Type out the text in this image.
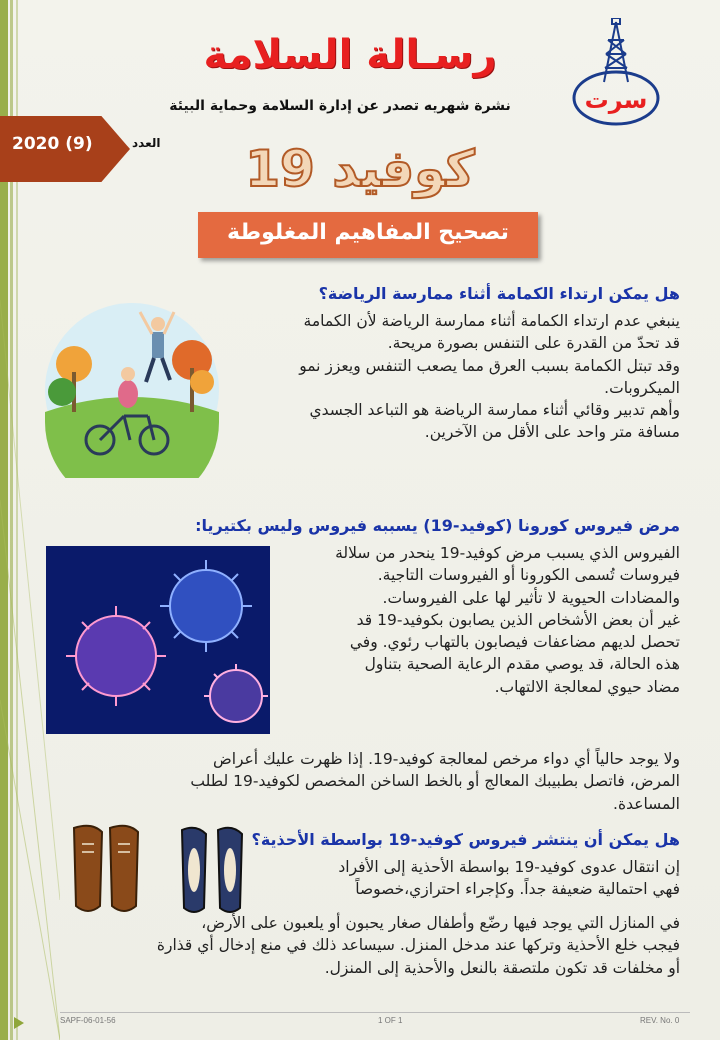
سرت
رسـالة السلامة
نشرة شهريه تصدر عن إدارة السلامة وحماية البيئة
2020 (9)	العدد كوفيد 19
تصحيح المفاهيم المغلوطة
هل يمكن ارتداء الكمامة أثناء ممارسة الرياضة؟
ينبغي عدم ارتداء الكمامة أثناء ممارسة الرياضة لأن الكمامة
قد تحدّ من القدرة على التنفس بصورة مريحة.
وقد تبتل الكمامة بسبب العرق مما يصعب التنفس ويعزز نمو
الميكروبات.
وأهم تدبير وقائي أثناء ممارسة الرياضة هو التباعد الجسدي
مسافة متر واحد على الأقل من الآخرين.
مرض فيروس كورونا (كوفيد-19) يسببه فيروس وليس بكتيريا:
الفيروس الذي يسبب مرض كوفيد-19 ينحدر من سلالة
فيروسات تُسمى الكورونا أو الفيروسات التاجية.
والمضادات الحيوية لا تأثير لها على الفيروسات.
غير أن بعض الأشخاص الذين يصابون بكوفيد-19 قد
تحصل لديهم مضاعفات فيصابون بالتهاب رئوي. وفي
هذه الحالة، قد يوصي مقدم الرعاية الصحية بتناول
مضاد حيوي لمعالجة الالتهاب.
ولا يوجد حالياً أي دواء مرخص لمعالجة كوفيد-19. إذا ظهرت عليك أعراض
المرض، فاتصل بطبيبك المعالج أو بالخط الساخن المخصص لكوفيد-19 لطلب
المساعدة.
هل يمكن أن ينتشر فيروس كوفيد-19 بواسطة الأحذية؟
إن انتقال عدوى كوفيد-19 بواسطة الأحذية إلى الأفراد
فهي احتمالية ضعيفة جداً. وكإجراء احترازي،خصوصاً
في المنازل التي يوجد فيها رضّع وأطفال صغار يحبون أو يلعبون على الأرض،
فيجب خلع الأحذية وتركها عند مدخل المنزل. سيساعد ذلك في منع إدخال أي قذارة
أو مخلفات قد تكون ملتصقة بالنعل والأحذية إلى المنزل.
SAPF-06-01-56	1 OF 1	REV. No. 0
